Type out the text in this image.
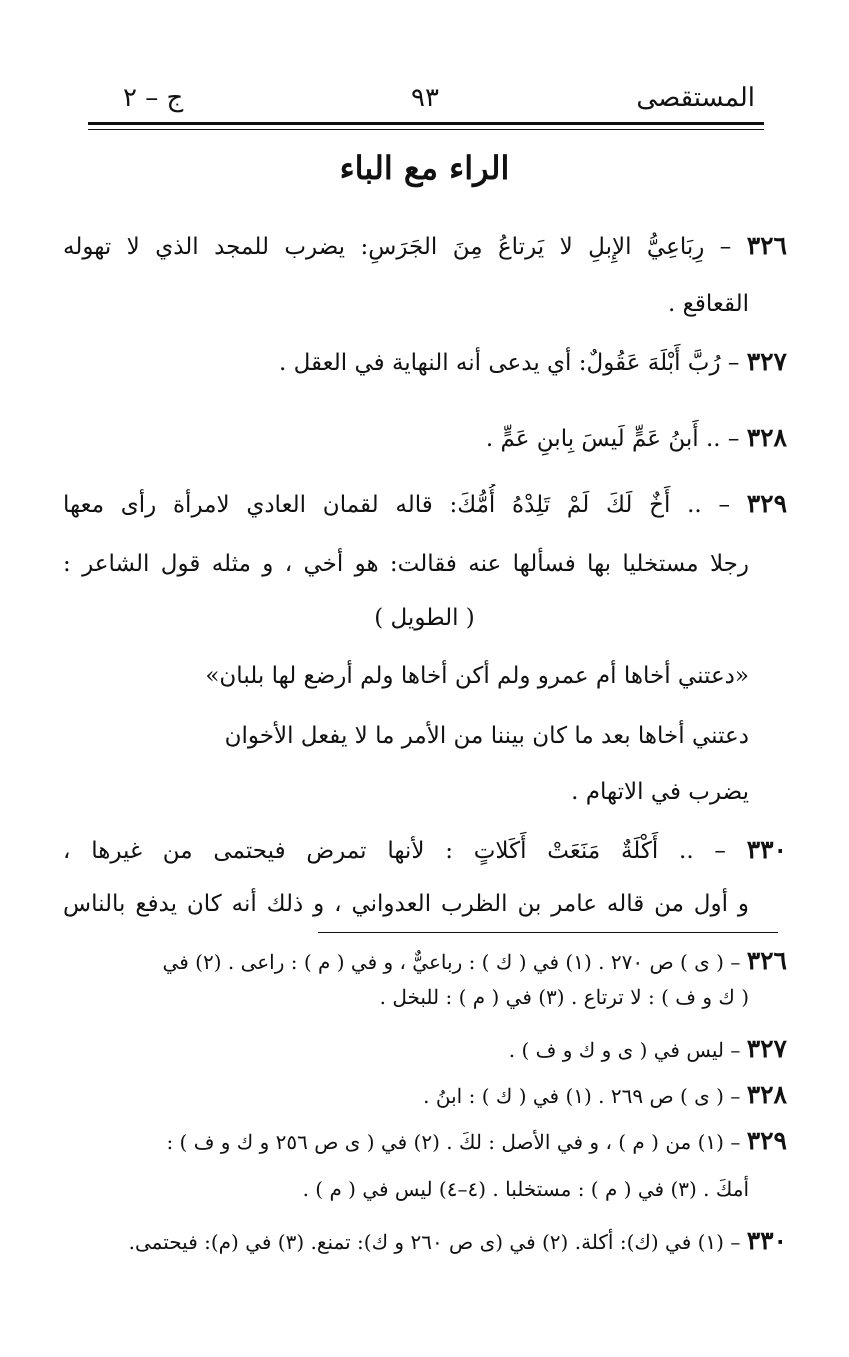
المستقصى
٩٣
ج – ٢
الراء مع الباء
٣٢٦ – رِبَاعِيُّ الإِبلِ لا يَرتاعُ مِنَ الجَرَسِ: يضرب للمجد الذي لا تهوله
القعاقع .
٣٢٧ – رُبَّ أَبْلَهَ عَقُولٌ: أي يدعى أنه النهاية في العقل .
٣٢٨ – .. أَبنُ عَمٍّ لَيسَ بِابنِ عَمٍّ .
٣٢٩ – .. أَخٌ لَكَ لَمْ تَلِدْهُ أُمُّكَ: قاله لقمان العادي لامرأة رأى معها
رجلا مستخليا بها فسألها عنه فقالت: هو أخي ، و مثله قول الشاعر :
( الطويل )
«دعتني أخاها أم عمرو ولم أكن أخاها ولم أرضع لها بلبان»
دعتني أخاها بعد ما كان بيننا من الأمر ما لا يفعل الأخوان
يضرب في الاتهام .
٣٣٠ – .. أَكْلَةٌ مَنَعَتْ أَكَلاتٍ : لأنها تمرض فيحتمى من غيرها ،
و أول من قاله عامر بن الظرب العدواني ، و ذلك أنه كان يدفع بالناس
٣٢٦ – ( ى ) ص ٢٧٠ . (١) في ( ك ) : رباعيٌّ ، و في ( م ) : راعى . (٢) في
( ك و ف ) : لا ترتاع . (٣) في ( م ) : للبخل .
٣٢٧ – ليس في ( ى و ك و ف ) .
٣٢٨ – ( ى ) ص ٢٦٩ . (١) في ( ك ) : ابنُ .
٣٢٩ – (١) من ( م ) ، و في الأصل : لكَ . (٢) في ( ى ص ٢٥٦ و ك و ف ) :
أمكَ . (٣) في ( م ) : مستخلبا . (٤–٤) ليس في ( م ) .
٣٣٠ – (١) في (ك): أكلة. (٢) في (ى ص ٢٦٠ و ك): تمنع. (٣) في (م): فيحتمى.
